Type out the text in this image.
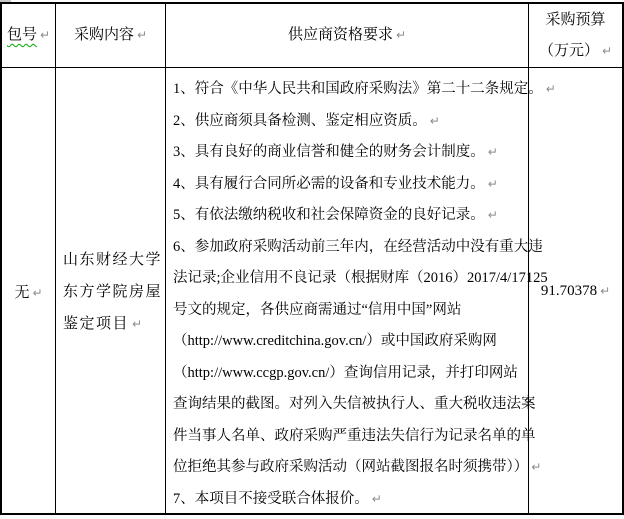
包号 ↵ 采购内容 ↵	供应商资格要求 ↵
采购预算（万元） ↵
无 ↵
山东财经大学
东方学院房屋
鉴定项目 ↵
1、符合《中华人民共和国政府采购法》第二十二条规定。 ↵
2、供应商须具备检测、鉴定相应资质。 ↵
3、具有良好的商业信誉和健全的财务会计制度。 ↵
4、具有履行合同所必需的设备和专业技术能力。 ↵
5、有依法缴纳税收和社会保障资金的良好记录。 ↵
6、参加政府采购活动前三年内，在经营活动中没有重大违
法记录;企业信用不良记录（根据财库（2016）2017/4/17125
号文的规定，各供应商需通过“信用中国”网站
（http://www.creditchina.gov.cn/）或中国政府采购网
（http://www.ccgp.gov.cn/）查询信用记录，并打印网站
查询结果的截图。对列入失信被执行人、重大税收违法案
件当事人名单、政府采购严重违法失信行为记录名单的单
位拒绝其参与政府采购活动（网站截图报名时须携带）） ↵
7、本项目不接受联合体报价。 ↵
91.70378 ↵
